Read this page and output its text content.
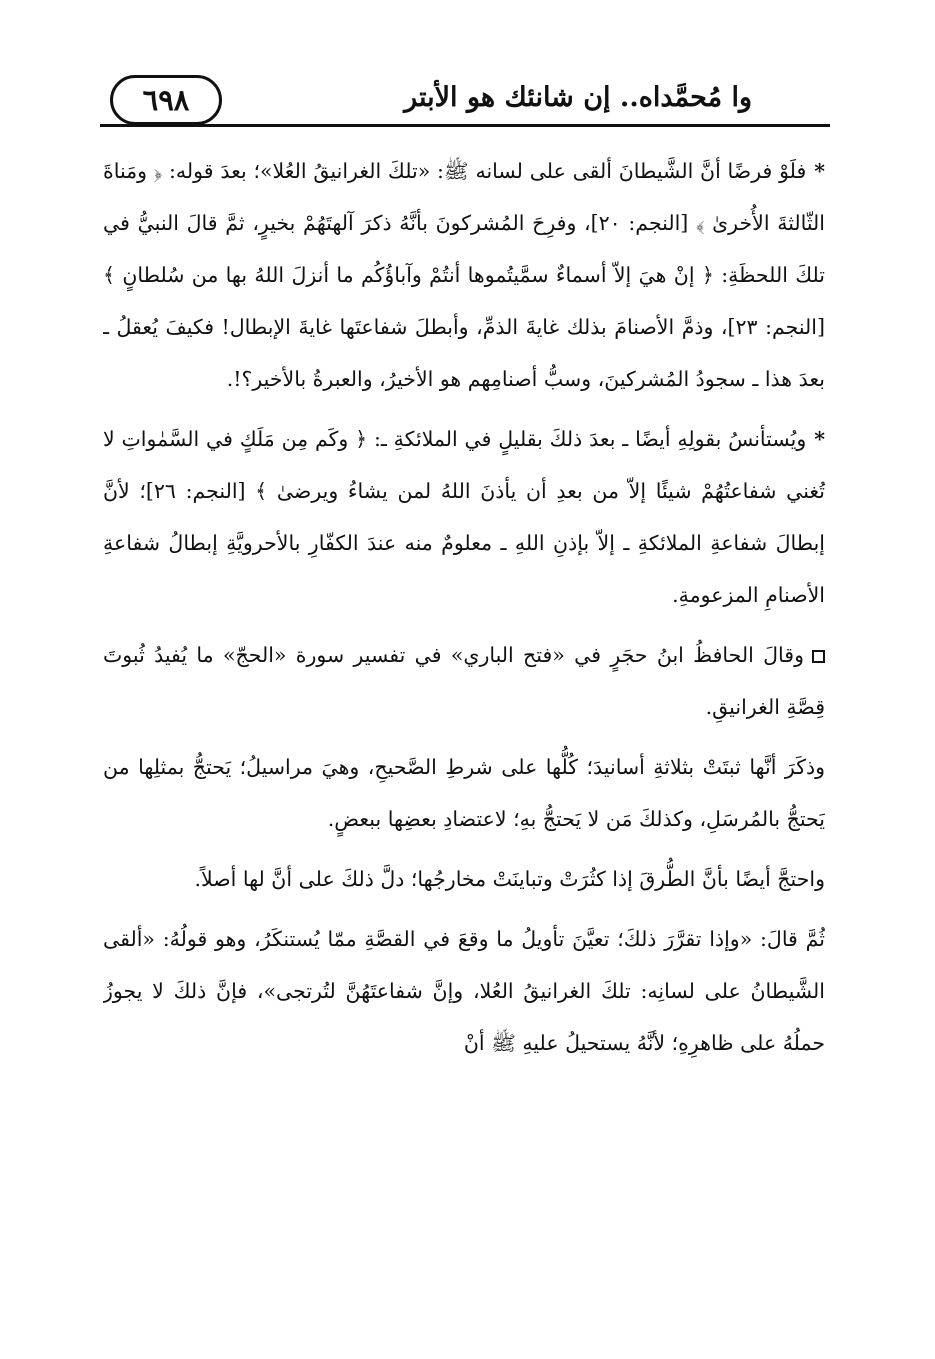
وا مُحمَّداه.. إن شانئك هو الأبتر
٦٩٨

*فلَوْ فرضًا أنَّ الشَّيطانَ ألقى على لسانه ﷺ: «تلكَ الغرانيقُ العُلا»؛ بعدَ قوله: ﴿ ومَناةَ الثّالثةَ الأُخرىٰ ﴾ [النجم: ٢٠]، وفرِحَ المُشركونَ بأنَّهُ ذكرَ آلهتَهُمْ بخيرٍ، ثمَّ قالَ النبيُّ في تلكَ اللحظَةِ: ﴿ إنْ هيَ إلاّ أسماءٌ سمَّيتُموها أنتُمْ وآباؤُكُم ما أنزلَ اللهُ بها من سُلطانٍ ﴾ [النجم: ٢٣]، وذمَّ الأصنامَ بذلك غايةَ الذمِّ، وأبطلَ شفاعتَها غايةَ الإبطال! فكيفَ يُعقلُ ـ بعدَ هذا ـ سجودُ المُشركينَ، وسبُّ أصنامِهم هو الأخيرُ، والعبرةُ بالأخير؟!.

*ويُستأنسُ بقولِهِ أيضًا ـ بعدَ ذلكَ بقليلٍ في الملائكةِ ـ: ﴿ وكَم مِن مَلَكٍ في السَّمٰواتِ لا تُغني شفاعتُهُمْ شيئًا إلاّ من بعدِ أن يأذنَ اللهُ لمن يشاءُ ويرضىٰ ﴾ [النجم: ٢٦]؛ لأنَّ إبطالَ شفاعةِ الملائكةِ ـ إلاّ بإذنِ اللهِ ـ معلومٌ منه عندَ الكفّارِ بالأحرويَّةِ إبطالُ شفاعةِ الأصنامِ المزعومةِ.

وقالَ الحافظُ ابنُ حجَرٍ في «فتح الباري» في تفسير سورة «الحجّ» ما يُفيدُ ثُبوتَ قِصَّةِ الغرانيقِ.

وذكَرَ أنَّها ثبتَتْ بثلاثةِ أسانيدَ؛ كُلُّها على شرطِ الصَّحيحِ، وهيَ مراسيلُ؛ يَحتجُّ بمثلِها من يَحتجُّ بالمُرسَلِ، وكذلكَ مَن لا يَحتجُّ بهِ؛ لاعتضادِ بعضِها ببعضٍ.

واحتجَّ أيضًا بأنَّ الطُّرقَ إذا كثُرَتْ وتباينَتْ مخارجُها؛ دلَّ ذلكَ على أنَّ لها أصلاً.

ثُمَّ قالَ: «وإذا تقرَّرَ ذلكَ؛ تعيَّنَ تأويلُ ما وقعَ في القصَّةِ ممّا يُستنكَرُ، وهو قولُهُ: «ألقى الشَّيطانُ على لسانِه: تلكَ الغرانيقُ العُلا، وإنَّ شفاعتَهُنَّ لتُرتجى»، فإنَّ ذلكَ لا يجوزُ حملُهُ على ظاهرِهِ؛ لأنَّهُ يستحيلُ عليهِ ﷺ أنْ
